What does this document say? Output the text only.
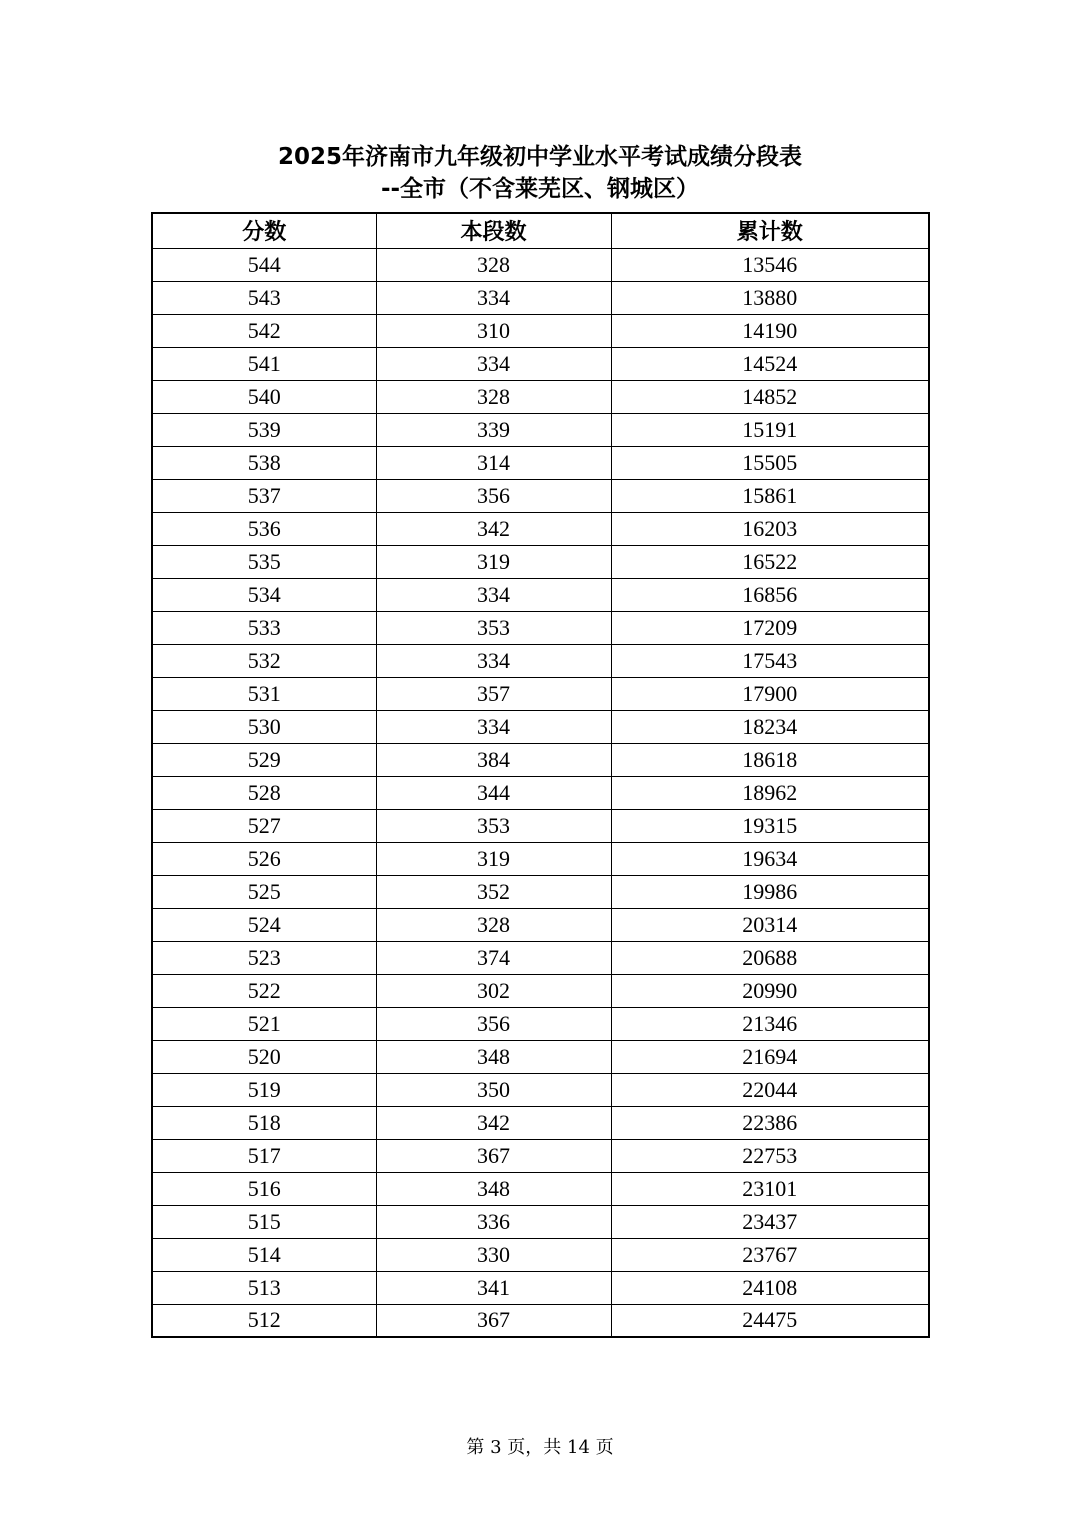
2025年济南市九年级初中学业水平考试成绩分段表
--全市（不含莱芜区、钢城区）
分数	本段数	累计数
544	328	13546
543	334	13880
542	310	14190
541	334	14524
540	328	14852
539	339	15191
538	314	15505
537	356	15861
536	342	16203
535	319	16522
534	334	16856
533	353	17209
532	334	17543
531	357	17900
530	334	18234
529	384	18618
528	344	18962
527	353	19315
526	319	19634
525	352	19986
524	328	20314
523	374	20688
522	302	20990
521	356	21346
520	348	21694
519	350	22044
518	342	22386
517	367	22753
516	348	23101
515	336	23437
514	330	23767
513	341	24108
512	367	24475
第 3 页，共 14 页
